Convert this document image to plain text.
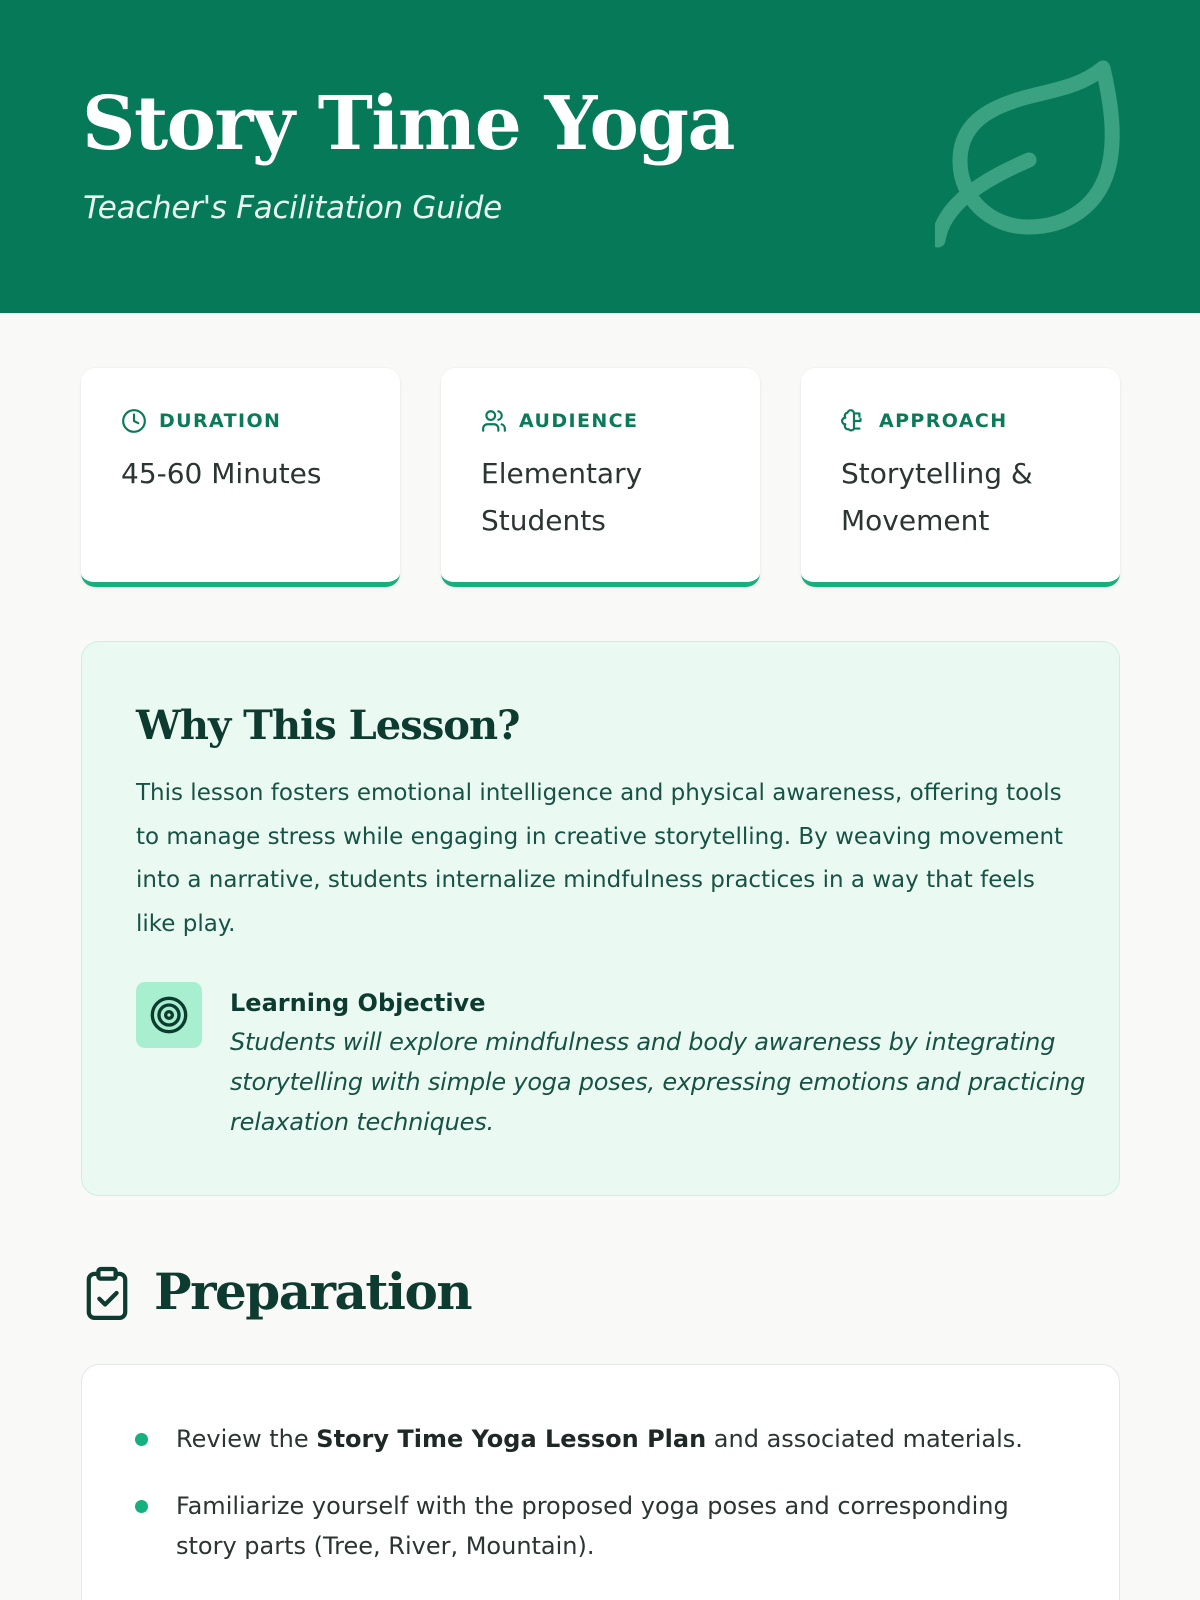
Story Time Yoga

Teacher's Facilitation Guide

DURATION
45-60 Minutes
AUDIENCE
Elementary Students
APPROACH
Storytelling & Movement
Why This Lesson?

This lesson fosters emotional intelligence and physical awareness, offering tools to manage stress while engaging in creative storytelling. By weaving movement into a narrative, students internalize mindfulness practices in a way that feels like play.

Learning Objective

Students will explore mindfulness and body awareness by integrating storytelling with simple yoga poses, expressing emotions and practicing relaxation techniques.

Preparation
Review the Story Time Yoga Lesson Plan and associated materials.
Familiarize yourself with the proposed yoga poses and corresponding story parts (Tree, River, Mountain).
